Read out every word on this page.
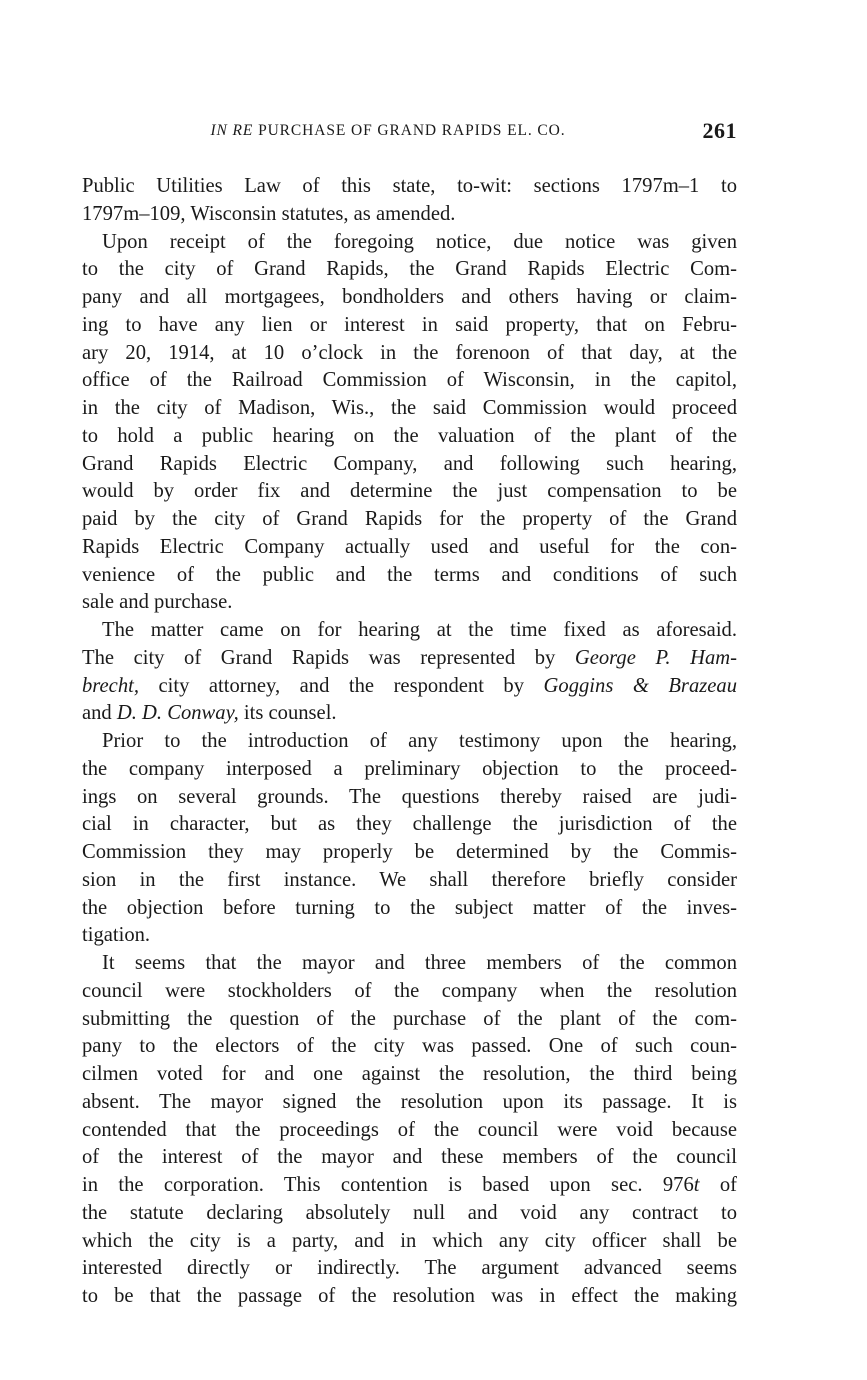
IN RE PURCHASE OF GRAND RAPIDS EL. CO.	261
Public Utilities Law of this state, to-wit: sections 1797m–1 to
1797m–109, Wisconsin statutes, as amended.
Upon receipt of the foregoing notice, due notice was given
to the city of Grand Rapids, the Grand Rapids Electric Com-
pany and all mortgagees, bondholders and others having or claim-
ing to have any lien or interest in said property, that on Febru-
ary 20, 1914, at 10 o’clock in the forenoon of that day, at the
office of the Railroad Commission of Wisconsin, in the capitol,
in the city of Madison, Wis., the said Commission would proceed
to hold a public hearing on the valuation of the plant of the
Grand Rapids Electric Company, and following such hearing,
would by order fix and determine the just compensation to be
paid by the city of Grand Rapids for the property of the Grand
Rapids Electric Company actually used and useful for the con-
venience of the public and the terms and conditions of such
sale and purchase.
The matter came on for hearing at the time fixed as aforesaid.
The city of Grand Rapids was represented by George P. Ham-
brecht, city attorney, and the respondent by Goggins & Brazeau
and D. D. Conway, its counsel.
Prior to the introduction of any testimony upon the hearing,
the company interposed a preliminary objection to the proceed-
ings on several grounds. The questions thereby raised are judi-
cial in character, but as they challenge the jurisdiction of the
Commission they may properly be determined by the Commis-
sion in the first instance. We shall therefore briefly consider
the objection before turning to the subject matter of the inves-
tigation.
It seems that the mayor and three members of the common
council were stockholders of the company when the resolution
submitting the question of the purchase of the plant of the com-
pany to the electors of the city was passed. One of such coun-
cilmen voted for and one against the resolution, the third being
absent. The mayor signed the resolution upon its passage. It is
contended that the proceedings of the council were void because
of the interest of the mayor and these members of the council
in the corporation. This contention is based upon sec. 976t of
the statute declaring absolutely null and void any contract to
which the city is a party, and in which any city officer shall be
interested directly or indirectly. The argument advanced seems
to be that the passage of the resolution was in effect the making
